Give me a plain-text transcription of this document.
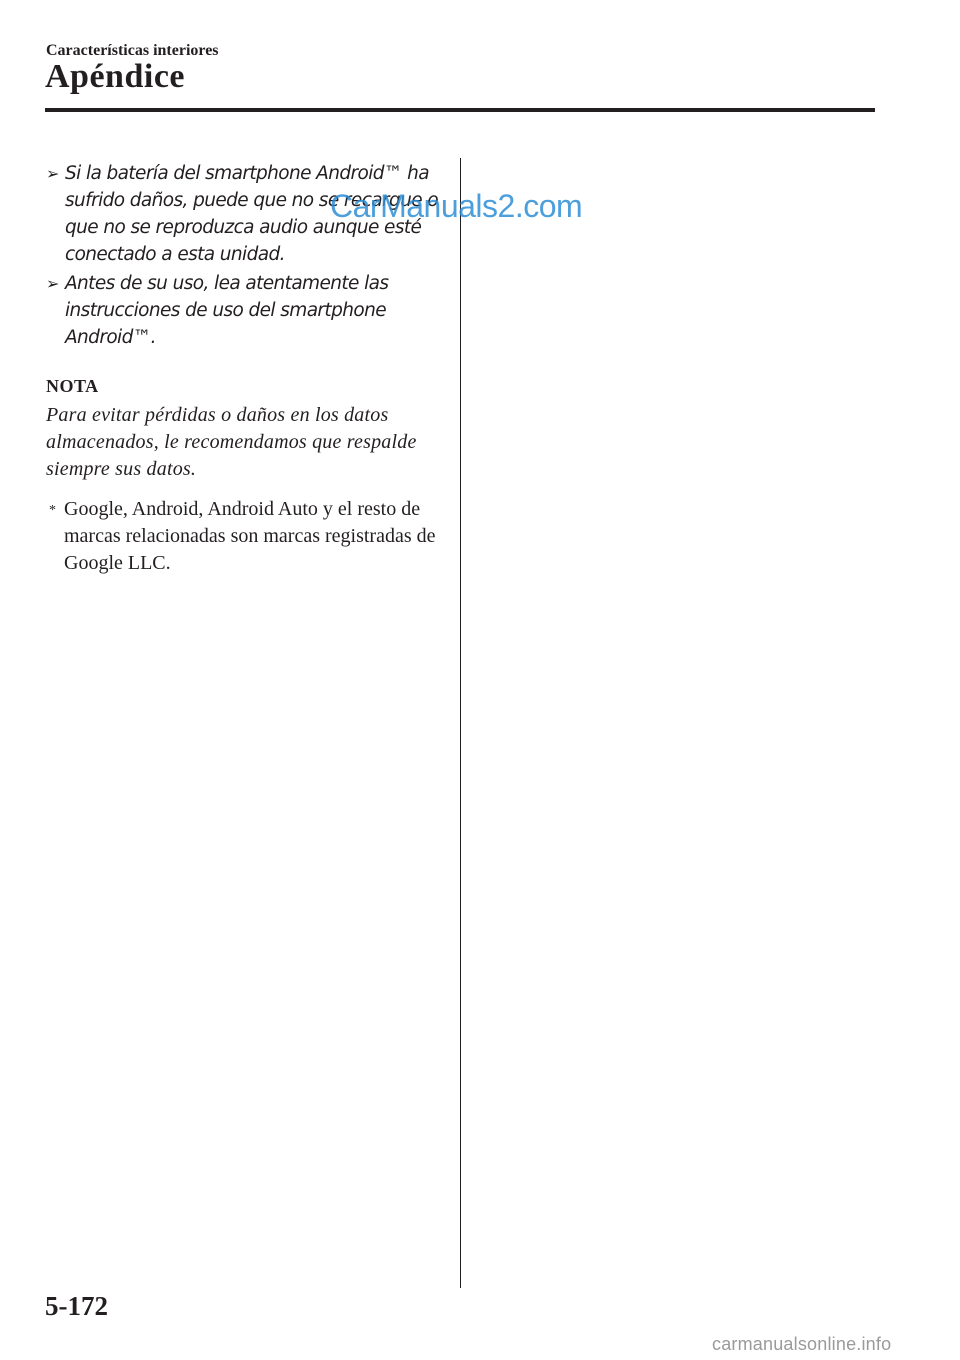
Características interiores
Apéndice
➢ Si la batería del smartphone Android™ ha sufrido daños, puede que no se recargue o que no se reproduzca audio aunque esté conectado a esta unidad.
➢ Antes de su uso, lea atentamente las instrucciones de uso del smartphone Android™.
NOTA

Para evitar pérdidas o daños en los datos almacenados, le recomendamos que respalde siempre sus datos.

* Google, Android, Android Auto y el resto de marcas relacionadas son marcas registradas de Google LLC.

CarManuals2.com
5-172
carmanualsonline.info
